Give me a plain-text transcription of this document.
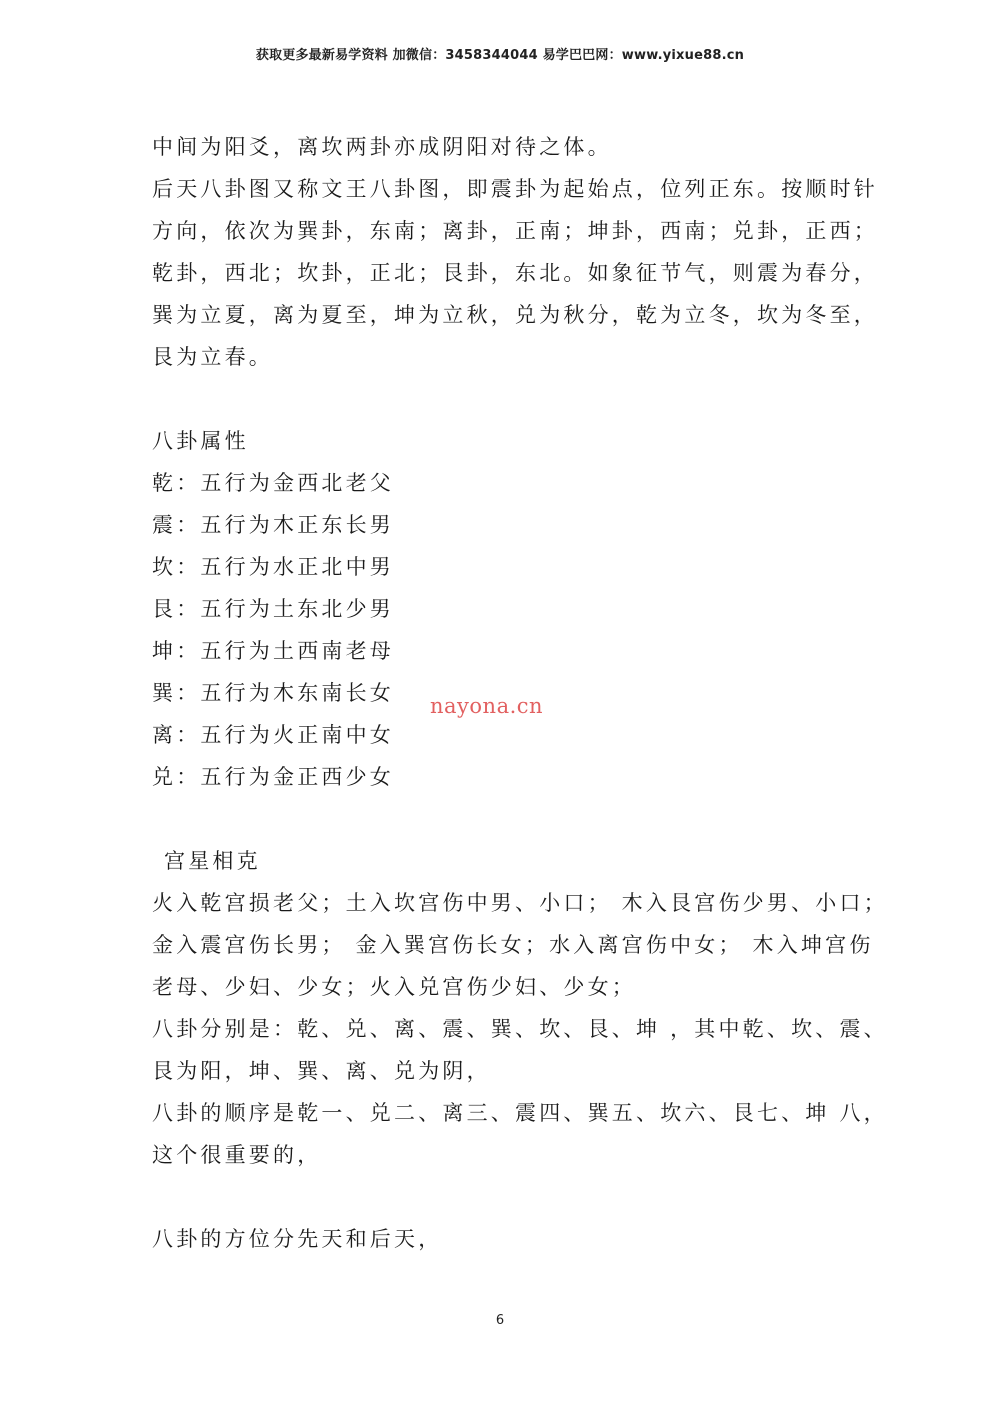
获取更多最新易学资料 加微信：3458344044 易学巴巴网：www.yixue88.cn
中间为阳爻，离坎两卦亦成阴阳对待之体。
后天八卦图又称文王八卦图，即震卦为起始点，位列正东。按顺时针
方向，依次为巽卦，东南；离卦，正南；坤卦，西南；兑卦，正西；
乾卦，西北；坎卦，正北；艮卦，东北。如象征节气，则震为春分，
巽为立夏，离为夏至，坤为立秋，兑为秋分，乾为立冬，坎为冬至，
艮为立春。
八卦属性
乾：五行为金西北老父
震：五行为木正东长男
坎：五行为水正北中男
艮：五行为土东北少男
坤：五行为土西南老母
巽：五行为木东南长女
离：五行为火正南中女
兑：五行为金正西少女
宫星相克
火入乾宫损老父；土入坎宫伤中男、小口； 木入艮宫伤少男、小口；
金入震宫伤长男； 金入巽宫伤长女；水入离宫伤中女； 木入坤宫伤
老母、少妇、少女；火入兑宫伤少妇、少女；
八卦分别是：乾、兑、离、震、巽、坎、艮、坤 ，其中乾、坎、震、
艮为阳，坤、巽、离、兑为阴，
八卦的顺序是乾一、兑二、离三、震四、巽五、坎六、艮七、坤 八，
这个很重要的，
八卦的方位分先天和后天，
nayona.cn
6
